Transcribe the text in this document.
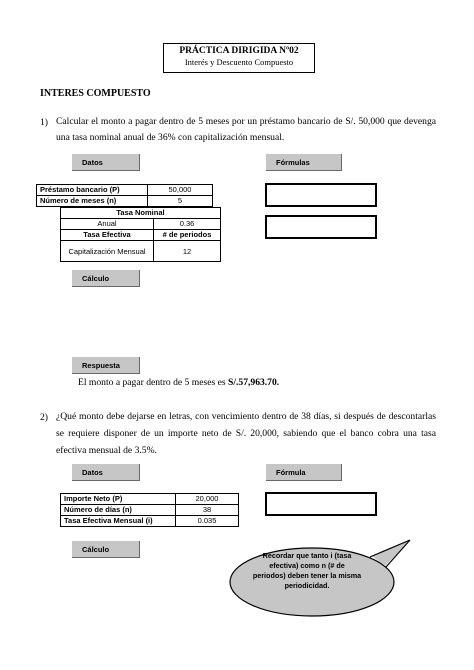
PRÁCTICA DIRIGIDA Nº02
Interés y Descuento Compuesto
INTERES COMPUESTO
1) Calcular el monto a pagar dentro de 5 meses por un préstamo bancario de S/. 50,000 que devenga
una tasa nominal anual de 36% con capitalización mensual.
Datos	Fórmulas
Préstamo bancario (P)	50,000
Número de meses (n)	5
Tasa Nominal	
Anual	0.36
Tasa Efectiva	# de periodos
Capitalización Mensual	12
Cálculo
Respuesta
El monto a pagar dentro de 5 meses es S/.57,963.70.
2) ¿Qué monto debe dejarse en letras, con vencimiento dentro de 38 días, si después de descontarlas
se requiere disponer de un importe neto de S/. 20,000, sabiendo que el banco cobra una tasa
efectiva mensual de 3.5%.
Datos	Fórmula
Importe Neto (P)	20,000
Número de días (n)	38
Tasa Efectiva Mensual (i)	0.035
Cálculo
Recordar que tanto i (tasa efectiva) como n (# de periodos) deben tener la misma periodicidad.
